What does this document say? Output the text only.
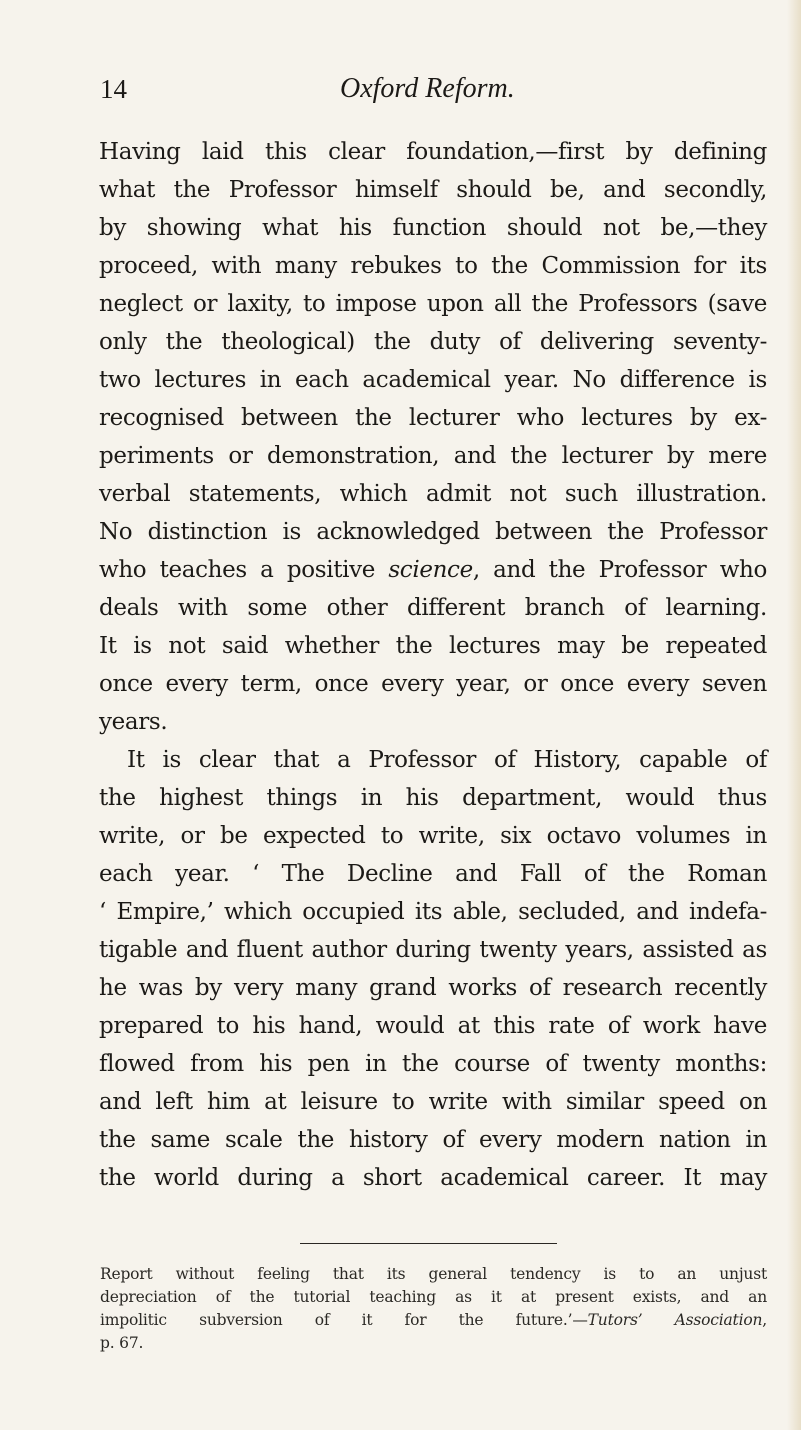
14	Oxford Reform.
Having laid this clear foundation,—first by defining
what the Professor himself should be, and secondly,
by showing what his function should not be,—they
proceed, with many rebukes to the Commission for its
neglect or laxity, to impose upon all the Professors (save
only the theological) the duty of delivering seventy-
two lectures in each academical year. No difference is
recognised between the lecturer who lectures by ex-
periments or demonstration, and the lecturer by mere
verbal statements, which admit not such illustration.
No distinction is acknowledged between the Professor
who teaches a positive science, and the Professor who
deals with some other different branch of learning.
It is not said whether the lectures may be repeated
once every term, once every year, or once every seven
years.
It is clear that a Professor of History, capable of
the highest things in his department, would thus
write, or be expected to write, six octavo volumes in
each year. ‘ The Decline and Fall of the Roman
‘ Empire,’ which occupied its able, secluded, and indefa-
tigable and fluent author during twenty years, assisted as
he was by very many grand works of research recently
prepared to his hand, would at this rate of work have
flowed from his pen in the course of twenty months:
and left him at leisure to write with similar speed on
the same scale the history of every modern nation in
the world during a short academical career. It may
Report without feeling that its general tendency is to an unjust
depreciation of the tutorial teaching as it at present exists, and an
impolitic subversion of it for the future.’—Tutors’ Association,
p. 67.
